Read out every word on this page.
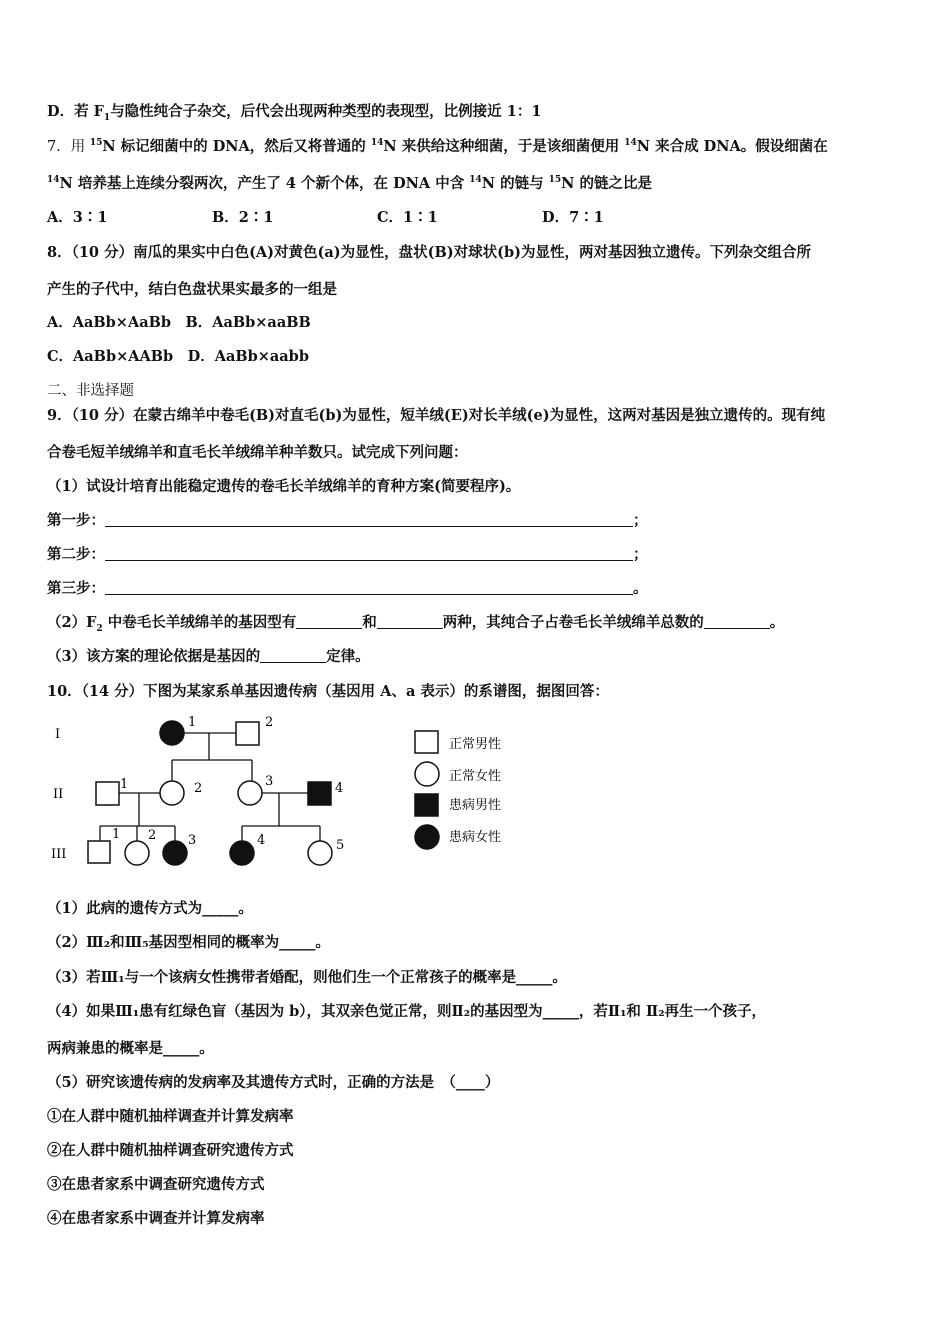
D．若 $F_1$与隐性纯合子杂交，后代会出现两种类型的表现型，比例接近 1：1
7．用 $^{15}$N 标记细菌中的 DNA，然后又将普通的 $^{14}$N 来供给这种细菌，于是该细菌便用 $^{14}$N 来合成 DNA。假设细菌在
$^{14}$N 培养基上连续分裂两次，产生了 4 个新个体，在 DNA 中含 $^{14}$N 的链与 $^{15}$N 的链之比是
A．3∶1	B．2∶1	C．1∶1	D．7∶1
8．（10 分）南瓜的果实中白色(A)对黄色(a)为显性，盘状(B)对球状(b)为显性，两对基因独立遗传。下列杂交组合所
产生的子代中，结白色盘状果实最多的一组是
A．AaBb×AaBb　B．AaBb×aaBB
C．AaBb×AABb　D．AaBb×aabb
二、非选择题
9．（10 分）在蒙古绵羊中卷毛(B)对直毛(b)为显性，短羊绒(E)对长羊绒(e)为显性，这两对基因是独立遗传的。现有纯
合卷毛短羊绒绵羊和直毛长羊绒绵羊种羊数只。试完成下列问题：
（1）试设计培育出能稳定遗传的卷毛长羊绒绵羊的育种方案(简要程序)。
第一步：	；
第二步：	；
第三步：	。
$(2)F_2$ 中卷毛长羊绒绵羊的基因型有	和	两种，其纯合子占卷毛长羊绒绵羊总数的	。
（3）该方案的理论依据是基因的	定律。
10．（14 分）下图为某家系单基因遗传病（基因用 A、a 表示）的系谱图，据图回答：
I
II
III
1	2
1	2	3	4
1 2 3	4	5
正常男性
正常女性
患病男性
患病女性
（1）此病的遗传方式为_____。
（2）Ⅲ₂和Ⅲ₅基因型相同的概率为_____。
（3）若Ⅲ₁与一个该病女性携带者婚配，则他们生一个正常孩子的概率是_____。
（4）如果Ⅲ₁患有红绿色盲（基因为 b），其双亲色觉正常，则Ⅱ₂的基因型为_____，若Ⅱ₁和 Ⅱ₂再生一个孩子，
两病兼患的概率是_____。
（5）研究该遗传病的发病率及其遗传方式时，正确的方法是　（____）
①在人群中随机抽样调查并计算发病率
②在人群中随机抽样调查研究遗传方式
③在患者家系中调查研究遗传方式
④在患者家系中调查并计算发病率
